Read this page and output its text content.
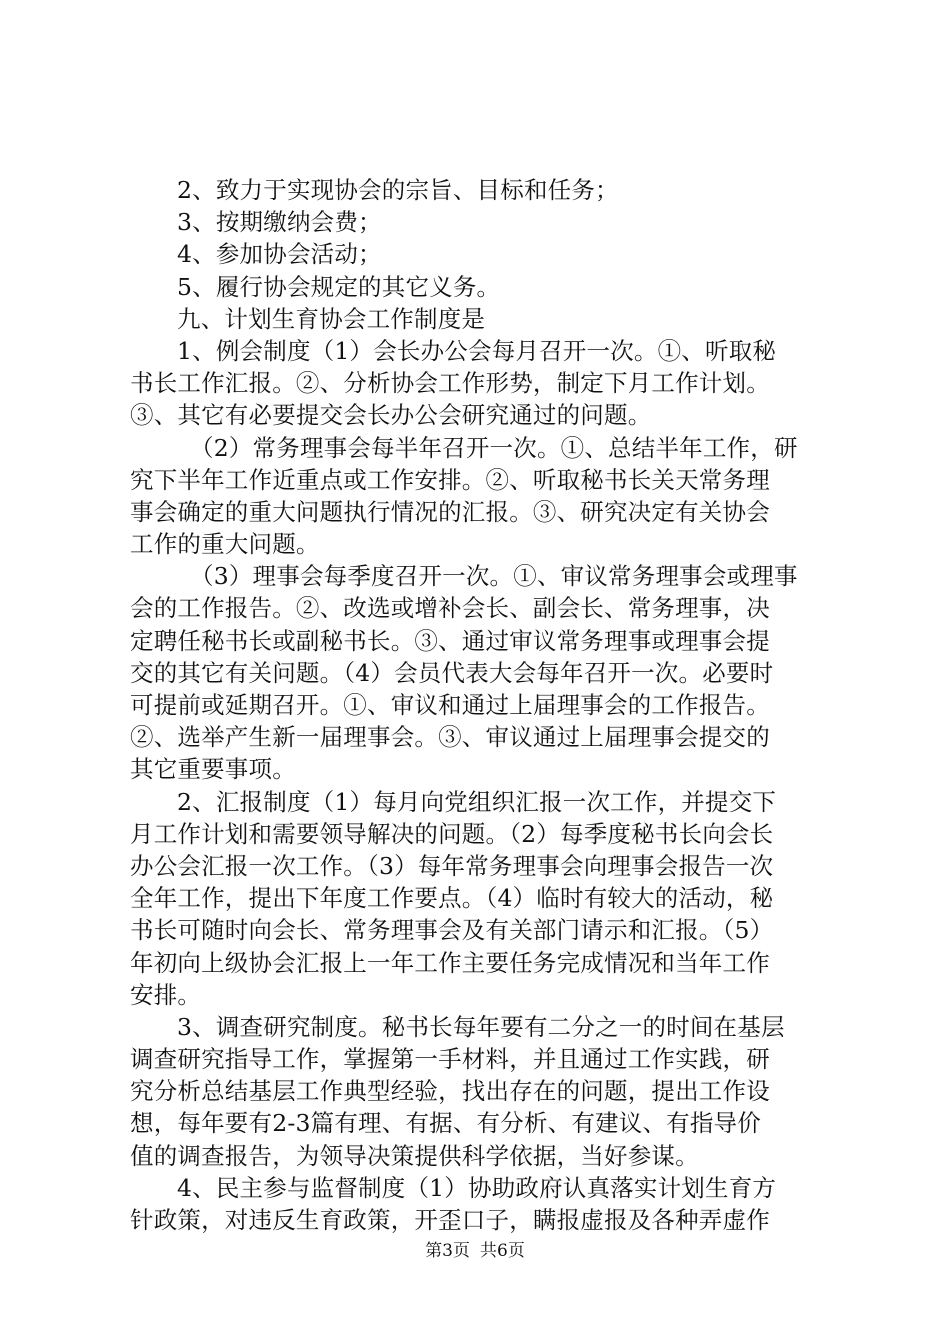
2、致力于实现协会的宗旨、目标和任务；
3、按期缴纳会费；
4、参加协会活动；
5、履行协会规定的其它义务。
九、计划生育协会工作制度是
1、例会制度（1）会长办公会每月召开一次。①、听取秘
书长工作汇报。②、分析协会工作形势，制定下月工作计划。
③、其它有必要提交会长办公会研究通过的问题。
（2）常务理事会每半年召开一次。①、总结半年工作，研
究下半年工作近重点或工作安排。②、听取秘书长关天常务理
事会确定的重大问题执行情况的汇报。③、研究决定有关协会
工作的重大问题。
（3）理事会每季度召开一次。①、审议常务理事会或理事
会的工作报告。②、改选或增补会长、副会长、常务理事，决
定聘任秘书长或副秘书长。③、通过审议常务理事或理事会提
交的其它有关问题。（4）会员代表大会每年召开一次。必要时
可提前或延期召开。①、审议和通过上届理事会的工作报告。
②、选举产生新一届理事会。③、审议通过上届理事会提交的
其它重要事项。
2、汇报制度（1）每月向党组织汇报一次工作，并提交下
月工作计划和需要领导解决的问题。（2）每季度秘书长向会长
办公会汇报一次工作。（3）每年常务理事会向理事会报告一次
全年工作，提出下年度工作要点。（4）临时有较大的活动，秘
书长可随时向会长、常务理事会及有关部门请示和汇报。（5）
年初向上级协会汇报上一年工作主要任务完成情况和当年工作
安排。
3、调查研究制度。秘书长每年要有二分之一的时间在基层
调查研究指导工作，掌握第一手材料，并且通过工作实践，研
究分析总结基层工作典型经验，找出存在的问题，提出工作设
想，每年要有2-3篇有理、有据、有分析、有建议、有指导价
值的调查报告，为领导决策提供科学依据，当好参谋。
4、民主参与监督制度（1）协助政府认真落实计划生育方
针政策，对违反生育政策，开歪口子，瞒报虚报及各种弄虚作
第3页 共6页
